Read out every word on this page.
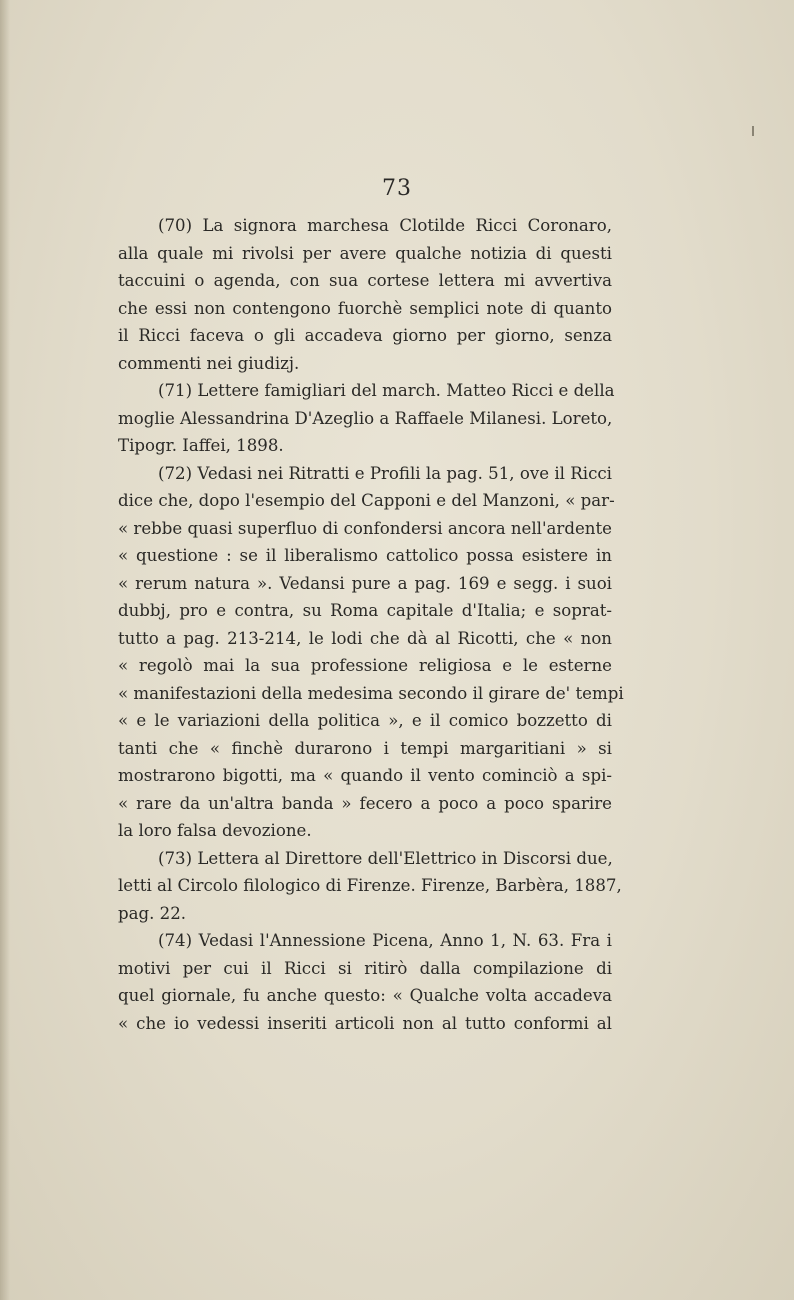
73

(70) La signora marchesa Clotilde Ricci Coronaro,
alla quale mi rivolsi per avere qualche notizia di questi
taccuini o agenda, con sua cortese lettera mi avvertiva
che essi non contengono fuorchè semplici note di quanto
il Ricci faceva o gli accadeva giorno per giorno, senza
commenti nei giudizj.

(71) Lettere famigliari del march. Matteo Ricci e della
moglie Alessandrina D'Azeglio a Raffaele Milanesi. Loreto,
Tipogr. Iaffei, 1898.

(72) Vedasi nei Ritratti e Profili la pag. 51, ove il Ricci
dice che, dopo l'esempio del Capponi e del Manzoni, « par-
« rebbe quasi superfluo di confondersi ancora nell'ardente
« questione : se il liberalismo cattolico possa esistere in
« rerum natura ». Vedansi pure a pag. 169 e segg. i suoi
dubbj, pro e contra, su Roma capitale d'Italia; e soprat-
tutto a pag. 213-214, le lodi che dà al Ricotti, che « non
« regolò mai la sua professione religiosa e le esterne
« manifestazioni della medesima secondo il girare de' tempi
« e le variazioni della politica », e il comico bozzetto di
tanti che « finchè durarono i tempi margaritiani » si
mostrarono bigotti, ma « quando il vento cominciò a spi-
« rare da un'altra banda » fecero a poco a poco sparire
la loro falsa devozione.

(73) Lettera al Direttore dell'Elettrico in Discorsi due,
letti al Circolo filologico di Firenze. Firenze, Barbèra, 1887,
pag. 22.

(74) Vedasi l'Annessione Picena, Anno 1, N. 63. Fra i
motivi per cui il Ricci si ritirò dalla compilazione di
quel giornale, fu anche questo: « Qualche volta accadeva
« che io vedessi inseriti articoli non al tutto conformi al
